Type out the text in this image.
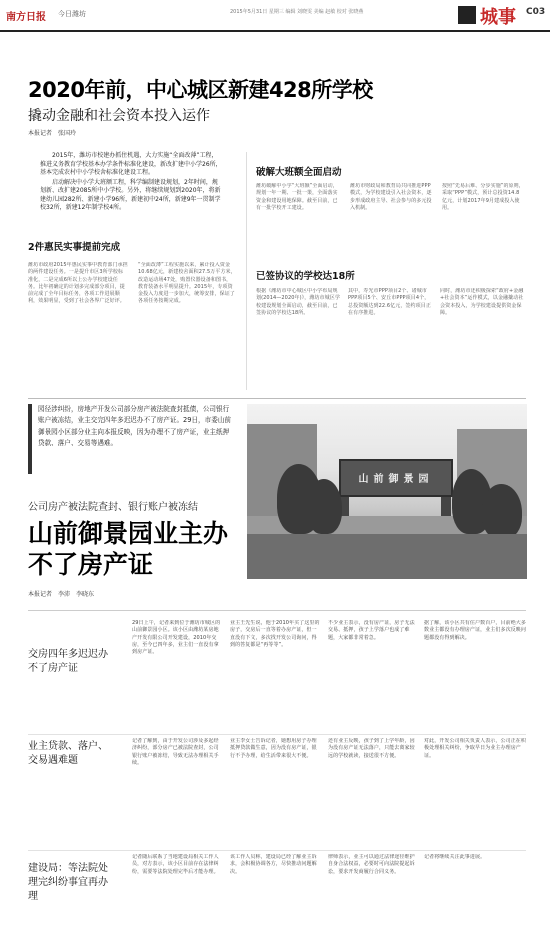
南方日报 今日潍坊	2015年5月31日 星期三 编辑 刘晓雯 美编 赵敏 校对 张晓燕	城事 C03
2020年前，中心城区新建428所学校
撬动金融和社会资本投入运作
本报记者　张国玲

2015年，潍坊市校建办抓住机遇，大力实施“全面改薄”工程，推进义务教育学校基本办学条件标准化建设，新改扩建中小学26所，基本完成农村中小学校舍标准化建设工程。

启动解决中小学大班额工程，科学编制建设规划，2年时间，规划新、改扩建2085所中小学校。另外，将继续规划到2020年，将新建幼儿园282所、新建小学96所，新建初中24所，新建9年一贯制学校32所，新建12年制学校4所。

2件惠民实事提前完成
破解大班额全面启动
已签协议的学校达18所
潍坊市政府2015年惠民实事中教育部门承担的两件建设任务。一是提升市区3所学校标准化，二是完成6所以上公办学校建设任务。比年初确定的计划多完成部分项目，提前完成了全年目标任务，各项工作进展顺利，效果明显，受到了社会各界广泛好评。
“全面改薄”工程实施以来，累计投入资金10.68亿元，新建校舍面积27.5万平方米，改造运动场47处，购置仪器设备和图书，教育装备水平明显提升。2015年，专项资金投入力度进一步加大，统筹安排，保证了各项任务按期完成。
潍坊破解中小学“大班额”全面启动，规划一年一期、一批一策，全面落实资金和建设用地保障。截至目前，已有一批学校开工建设。
潍坊市财政局和教育局共同推进PPP模式，为学校建设引入社会资本，逐步形成政府主导、社会参与的多元投入机制。
按照“先易后难、分步实施”的原则，采取“PPP”模式，预计总投资14.8亿元，计划2017年9月建成投入使用。
根据《潍坊市中心城区中小学布局规划(2014—2020年)》，潍坊市城区学校建设规划全面启动，截至目前，已签协议的学校达18所。
其中，寿光市PPP项目2个、诸城市PPP项目5个、安丘市PPP项目4个，总投资额达到22.6亿元，签约项目正在有序推进。
同时，潍坊市还积极探索“政府+金融+社会资本”运作模式，以金融撬动社会资本投入，为学校建设提供资金保障。
园径涉纠纷，房地产开发公司部分房产被法院查封抵债，公司银行账户被冻结，业主交完四年多迟迟办不了房产证。29日，市委山前御景园小区部分业主向本报反映，因为办理不了房产证，业主纸押贷款、落户、交易等遇难。
山前御景园
公司房产被法院查封、银行账户被冻结
山前御景园业主办不了房产证
本报记者　李沛　李晓东
交房四年多迟迟办不了房产证
业主贷款、落户、交易遇难题
建设局：等法院处理完纠纷事宜再办理
29日上午，记者来到位于潍坊市城区的山前御景园小区。该小区由潍坊某房地产开发有限公司开发建设，2010年交房，至今已四年多，业主们一直没有拿到房产证。
业主王先生说，他于2010年买了这里的房子，交房后一直等着办房产证，但一直没有下文，多次找开发公司询问，得到的答复都是“再等等”。
不少业主表示，没有房产证，房子无法交易、抵押，孩子上学落户也成了难题，大家都非常着急。
据了解，该小区共有住户数百户，目前绝大多数业主都没有办理房产证，业主们多次反映问题都没有得到解决。
记者了解到，由于开发公司涉及多起经济纠纷，部分房产已被法院查封，公司银行账户被冻结，导致无法办理相关手续。
业主李女士告诉记者，她想用房子办理抵押贷款做生意，因为没有房产证，银行不予办理，给生活带来很大不便。
还有业主反映，孩子到了上学年龄，因为没有房产证无法落户，只能去离家较远的学校就读，接送很不方便。
对此，开发公司相关负责人表示，公司正在积极处理相关纠纷，争取早日为业主办理房产证。
记者随后联系了当地建设局相关工作人员，对方表示，该小区目前存在法律纠纷，需要等法院处理完毕后才能办理。
该工作人员称，建设局已经了解业主诉求，会积极协调各方，尽快推动问题解决。
律师表示，业主可以通过法律途径维护自身合法权益，必要时可向法院提起诉讼，要求开发商履行合同义务。
记者将继续关注此事进展。
